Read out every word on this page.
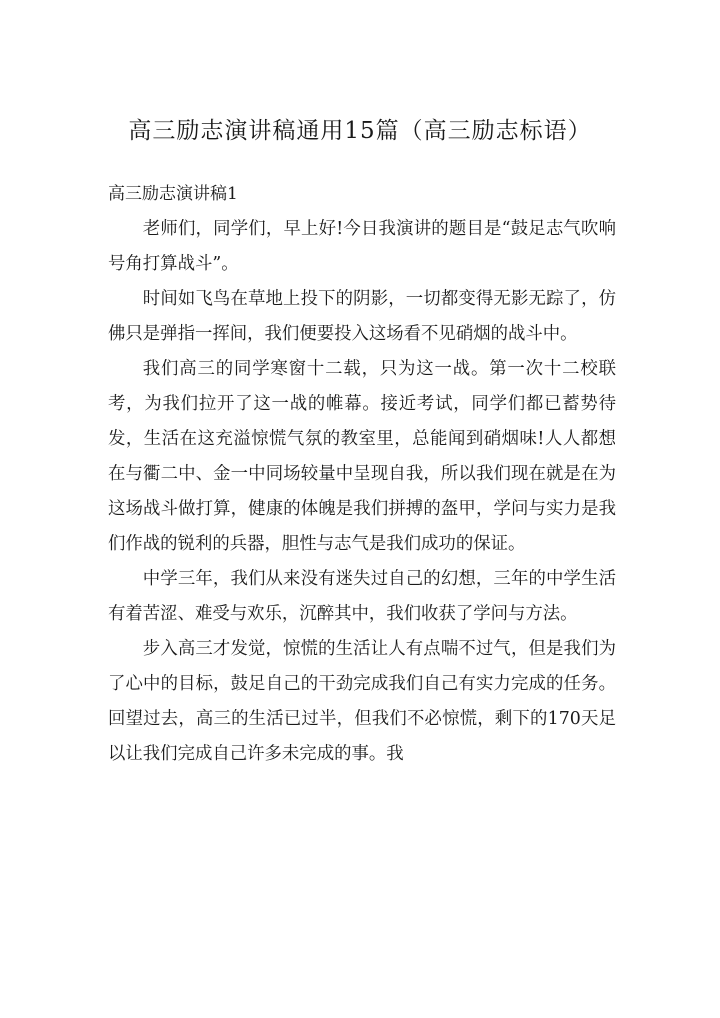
高三励志演讲稿通用15篇（高三励志标语）
高三励志演讲稿1

老师们，同学们，早上好!今日我演讲的题目是“鼓足志气吹响号角打算战斗”。

时间如飞鸟在草地上投下的阴影，一切都变得无影无踪了，仿佛只是弹指一挥间，我们便要投入这场看不见硝烟的战斗中。

我们高三的同学寒窗十二载，只为这一战。第一次十二校联考，为我们拉开了这一战的帷幕。接近考试，同学们都已蓄势待发，生活在这充溢惊慌气氛的教室里，总能闻到硝烟味!人人都想在与衢二中、金一中同场较量中呈现自我，所以我们现在就是在为这场战斗做打算，健康的体魄是我们拼搏的盔甲，学问与实力是我们作战的锐利的兵器，胆性与志气是我们成功的保证。

中学三年，我们从来没有迷失过自己的幻想，三年的中学生活有着苦涩、难受与欢乐，沉醉其中，我们收获了学问与方法。

步入高三才发觉，惊慌的生活让人有点喘不过气，但是我们为了心中的目标，鼓足自己的干劲完成我们自己有实力完成的任务。回望过去，高三的生活已过半，但我们不必惊慌，剩下的170天足以让我们完成自己许多未完成的事。我
